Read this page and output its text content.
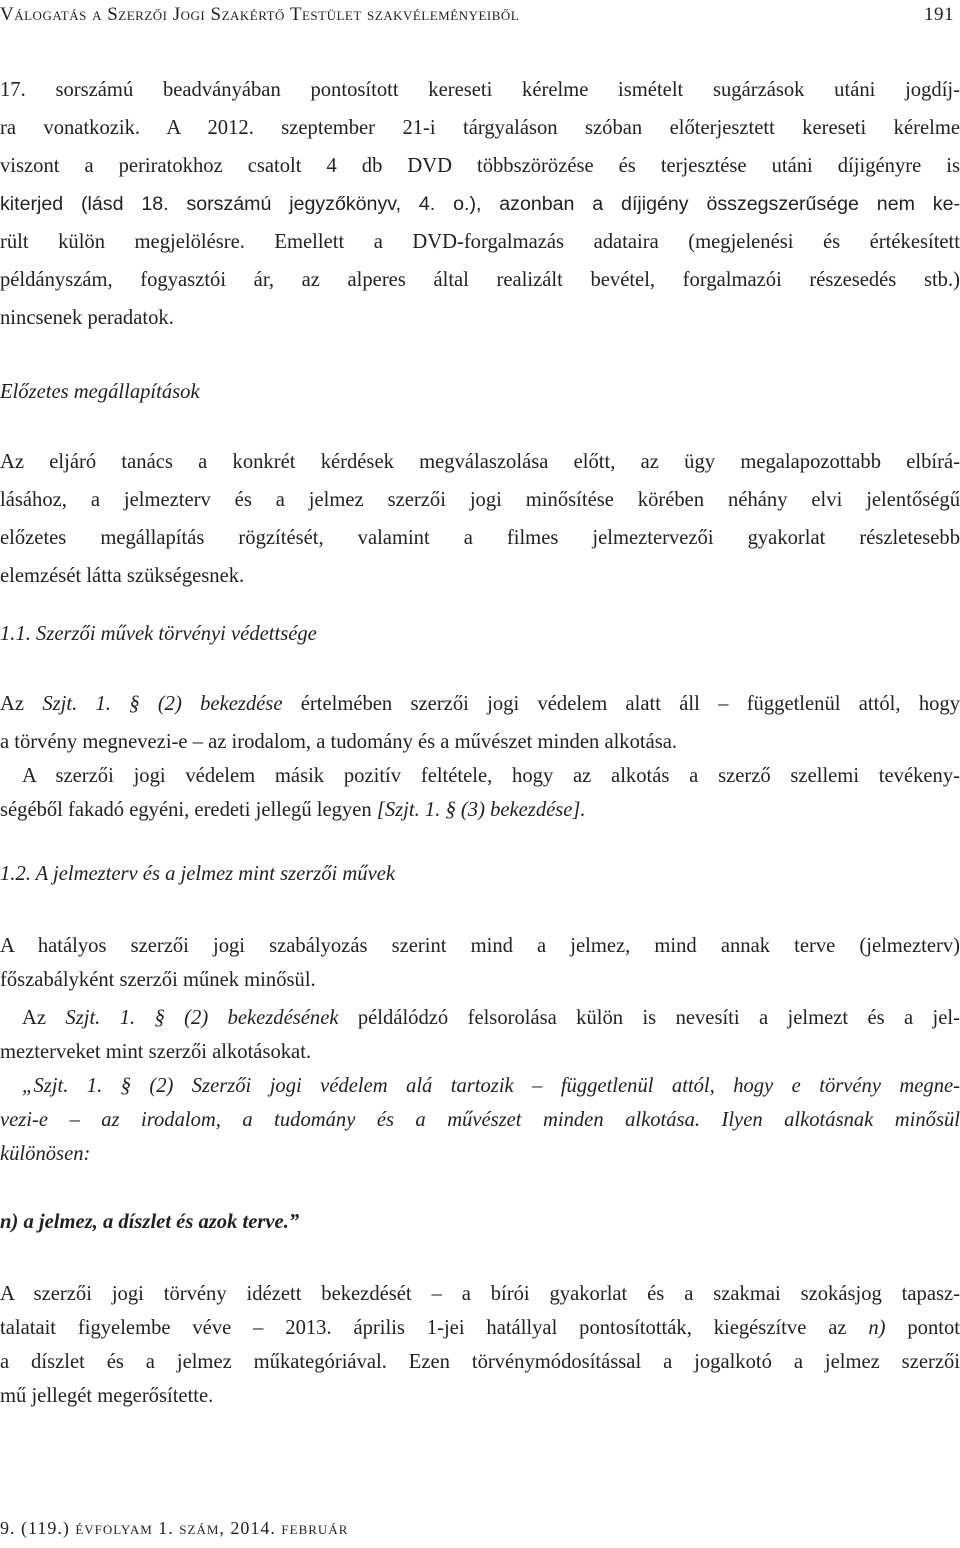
Válogatás a Szerzői Jogi Szakértő Testület szakvéleményeiből	191
17. sorszámú beadványában pontosított kereseti kérelme ismételt sugárzások utáni jogdíj-
ra vonatkozik. A 2012. szeptember 21-i tárgyaláson szóban előterjesztett kereseti kérelme
viszont a periratokhoz csatolt 4 db DVD többszörözése és terjesztése utáni díjigényre is
kiterjed (lásd 18. sorszámú jegyzőkönyv, 4. o.), azonban a díjigény összegszerűsége nem ke-
rült külön megjelölésre. Emellett a DVD-forgalmazás adataira (megjelenési és értékesített
példányszám, fogyasztói ár, az alperes által realizált bevétel, forgalmazói részesedés stb.)
nincsenek peradatok.
Előzetes megállapítások
Az eljáró tanács a konkrét kérdések megválaszolása előtt, az ügy megalapozottabb elbírá-
lásához, a jelmezterv és a jelmez szerzői jogi minősítése körében néhány elvi jelentőségű
előzetes megállapítás rögzítését, valamint a filmes jelmeztervezői gyakorlat részletesebb
elemzését látta szükségesnek.
1.1. Szerzői művek törvényi védettsége
Az Szjt. 1. § (2) bekezdése értelmében szerzői jogi védelem alatt áll – függetlenül attól, hogy
a törvény megnevezi-e – az irodalom, a tudomány és a művészet minden alkotása.
A szerzői jogi védelem másik pozitív feltétele, hogy az alkotás a szerző szellemi tevékeny-
ségéből fakadó egyéni, eredeti jellegű legyen [Szjt. 1. § (3) bekezdése].
1.2. A jelmezterv és a jelmez mint szerzői művek
A hatályos szerzői jogi szabályozás szerint mind a jelmez, mind annak terve (jelmezterv)
főszabályként szerzői műnek minősül.
Az Szjt. 1. § (2) bekezdésének példálódzó felsorolása külön is nevesíti a jelmezt és a jel-
mezterveket mint szerzői alkotásokat.
„Szjt. 1. § (2) Szerzői jogi védelem alá tartozik – függetlenül attól, hogy e törvény megne-
vezi-e – az irodalom, a tudomány és a művészet minden alkotása. Ilyen alkotásnak minősül
különösen:
n) a jelmez, a díszlet és azok terve.”
A szerzői jogi törvény idézett bekezdését – a bírói gyakorlat és a szakmai szokásjog tapasz-
talatait figyelembe véve – 2013. április 1-jei hatállyal pontosították, kiegészítve az n) pontot
a díszlet és a jelmez műkategóriával. Ezen törvénymódosítással a jogalkotó a jelmez szerzői
mű jellegét megerősítette.
9. (119.) évfolyam 1. szám, 2014. február
